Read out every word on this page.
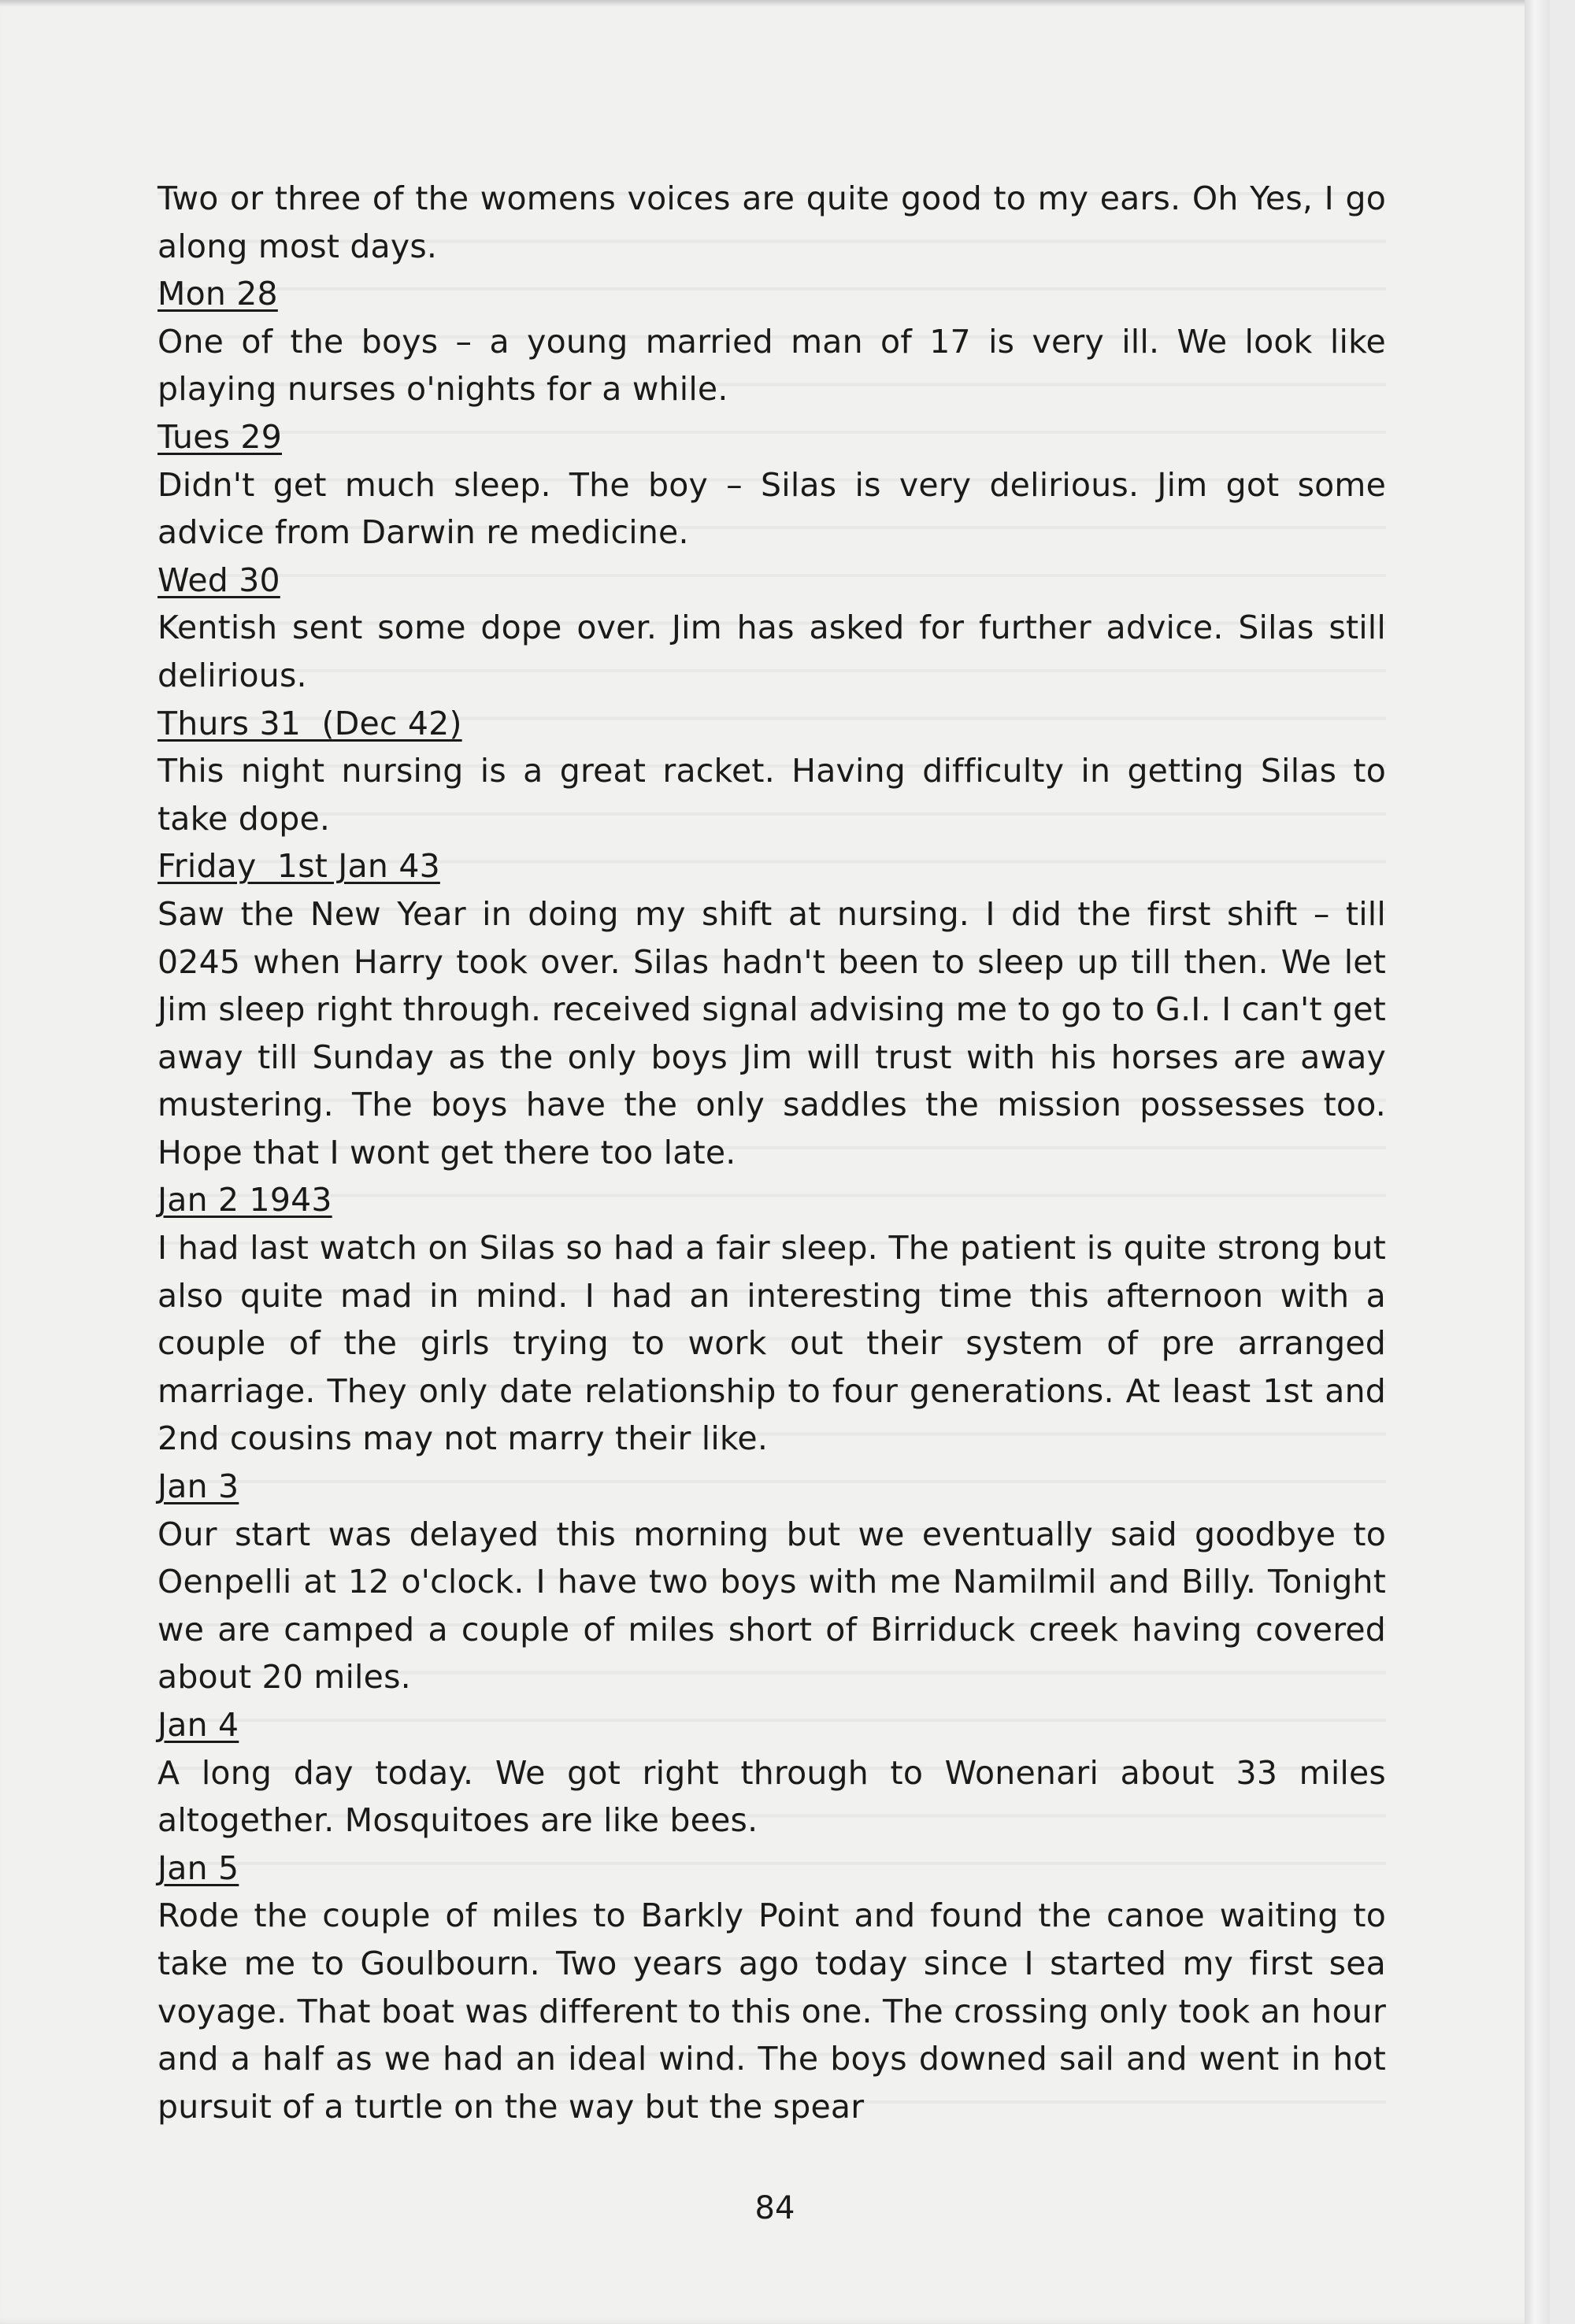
Two or three of the womens voices are quite good to my ears. Oh Yes, I go along most days.

Mon 28

One of the boys – a young married man of 17 is very ill. We look like playing nurses o'nights for a while.

Tues 29

Didn't get much sleep. The boy – Silas is very delirious. Jim got some advice from Darwin re medicine.

Wed 30

Kentish sent some dope over. Jim has asked for further advice. Silas still delirious.

Thurs 31  (Dec 42)

This night nursing is a great racket. Having difficulty in getting Silas to take dope.

Friday  1st Jan 43

Saw the New Year in doing my shift at nursing. I did the first shift – till 0245 when Harry took over. Silas hadn't been to sleep up till then. We let Jim sleep right through. received signal advising me to go to G.I. I can't get away till Sunday as the only boys Jim will trust with his horses are away mustering. The boys have the only saddles the mission possesses too. Hope that I wont get there too late.

Jan 2 1943

I had last watch on Silas so had a fair sleep. The patient is quite strong but also quite mad in mind. I had an interesting time this afternoon with a couple of the girls trying to work out their system of pre arranged marriage. They only date relationship to four generations. At least 1st and 2nd cousins may not marry their like.

Jan 3

Our start was delayed this morning but we eventually said goodbye to Oenpelli at 12 o'clock. I have two boys with me Namilmil and Billy. Tonight we are camped a couple of miles short of Birriduck creek having covered about 20 miles.

Jan 4

A long day today. We got right through to Wonenari about 33 miles altogether. Mosquitoes are like bees.

Jan 5

Rode the couple of miles to Barkly Point and found the canoe waiting to take me to Goulbourn. Two years ago today since I started my first sea voyage. That boat was different to this one. The crossing only took an hour and a half as we had an ideal wind. The boys downed sail and went in hot pursuit of a turtle on the way but the spear

84
